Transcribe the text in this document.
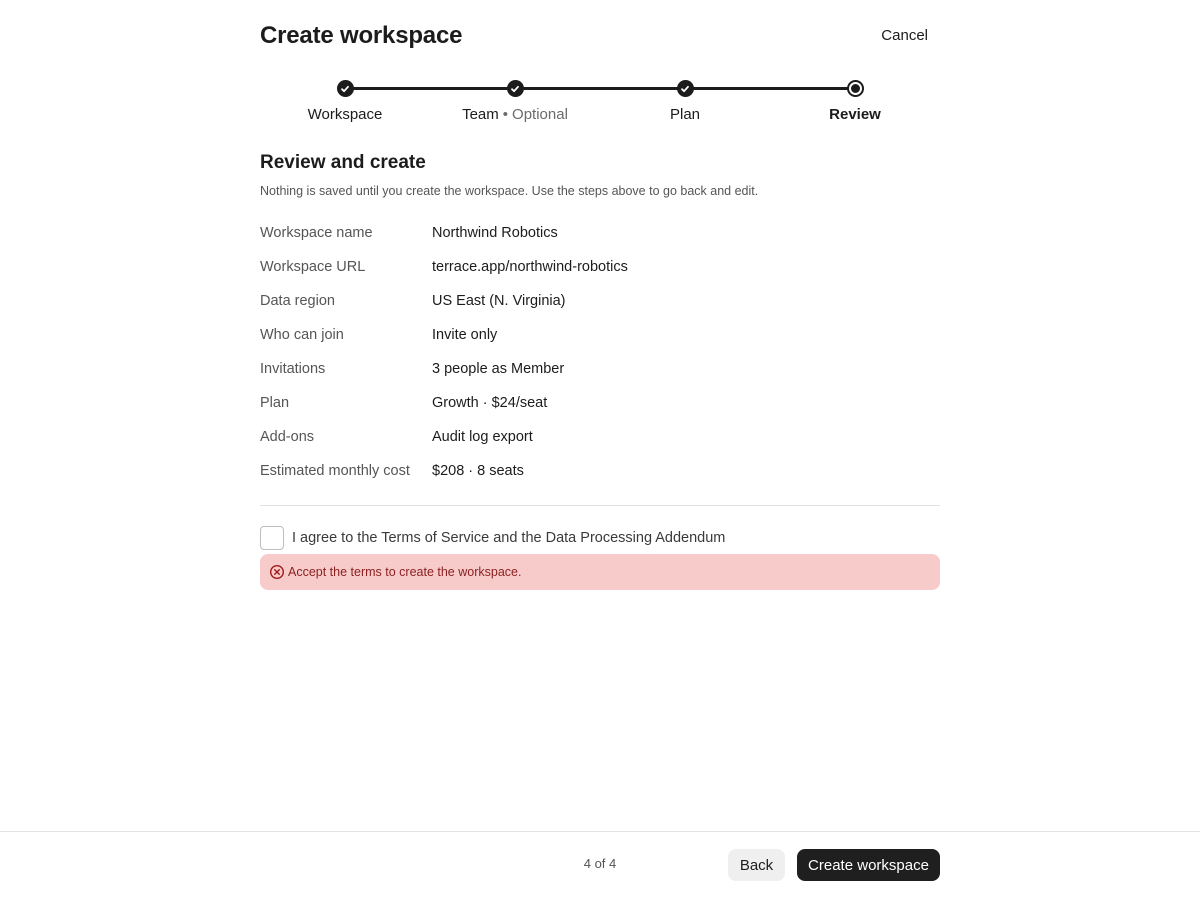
Create workspace	Cancel
Workspace	Team • Optional	Plan	Review
Review and create

Nothing is saved until you create the workspace. Use the steps above to go back and edit.

Workspace name	Northwind Robotics
Workspace URL	terrace.app/northwind-robotics
Data region	US East (N. Virginia)
Who can join	Invite only
Invitations	3 people as Member
Plan	Growth · $24/seat
Add-ons	Audit log export
Estimated monthly cost $208 · 8 seats
I agree to the Terms of Service and the Data Processing Addendum
Accept the terms to create the workspace.
4 of 4	Back	Create workspace
